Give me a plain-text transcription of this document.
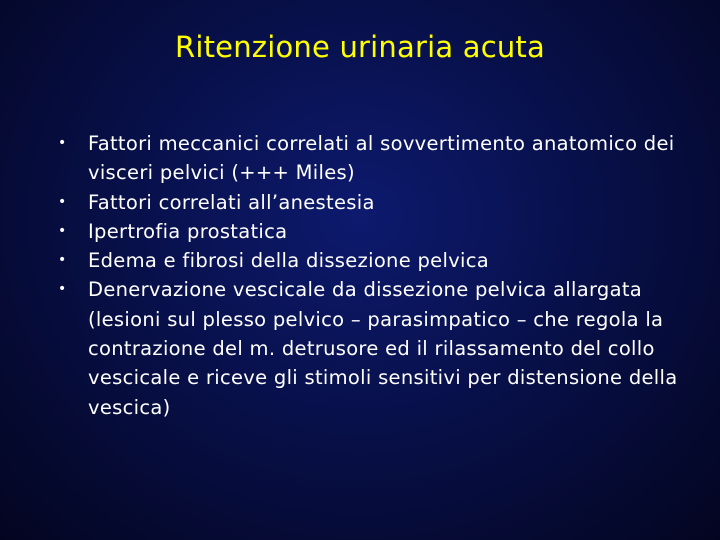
Ritenzione urinaria acuta
• Fattori meccanici correlati al sovvertimento anatomico dei visceri pelvici (+++ Miles)
• Fattori correlati all’anestesia
• Ipertrofia prostatica
• Edema e fibrosi della dissezione pelvica
• Denervazione vescicale da dissezione pelvica allargata (lesioni sul plesso pelvico – parasimpatico – che regola la contrazione del m. detrusore ed il rilassamento del collo vescicale e riceve gli stimoli sensitivi per distensione della vescica)
